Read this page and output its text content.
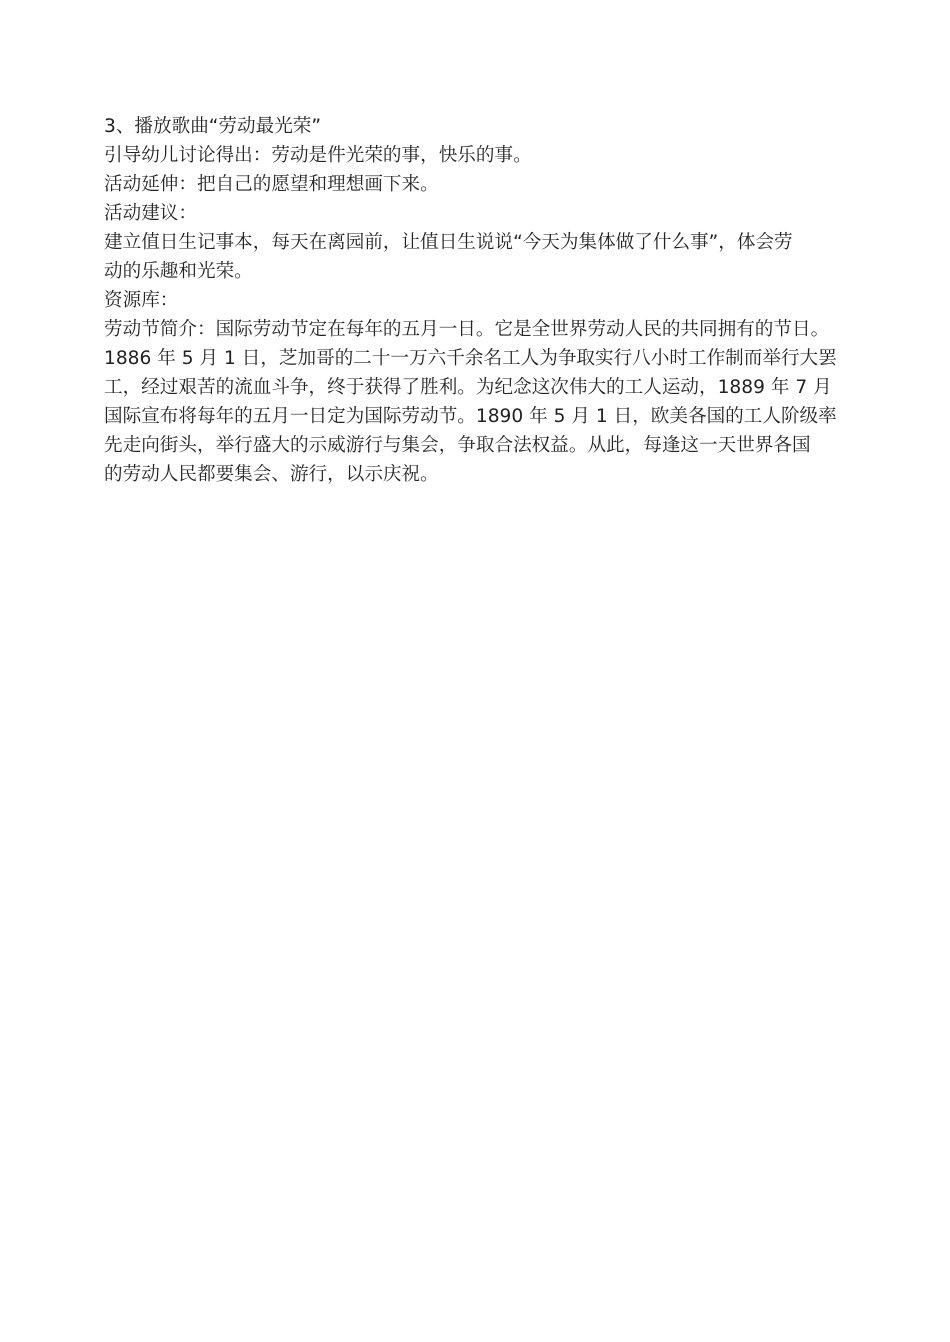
3、播放歌曲“劳动最光荣”
引导幼儿讨论得出：劳动是件光荣的事，快乐的事。
活动延伸：把自己的愿望和理想画下来。
活动建议：
建立值日生记事本，每天在离园前，让值日生说说“今天为集体做了什么事”，体会劳
动的乐趣和光荣。
资源库：
劳动节简介：国际劳动节定在每年的五月一日。它是全世界劳动人民的共同拥有的节日。
1886 年 5 月 1 日，芝加哥的二十一万六千余名工人为争取实行八小时工作制而举行大罢
工，经过艰苦的流血斗争，终于获得了胜利。为纪念这次伟大的工人运动，1889 年 7 月
国际宣布将每年的五月一日定为国际劳动节。1890 年 5 月 1 日，欧美各国的工人阶级率
先走向街头，举行盛大的示威游行与集会，争取合法权益。从此，每逢这一天世界各国
的劳动人民都要集会、游行，以示庆祝。
